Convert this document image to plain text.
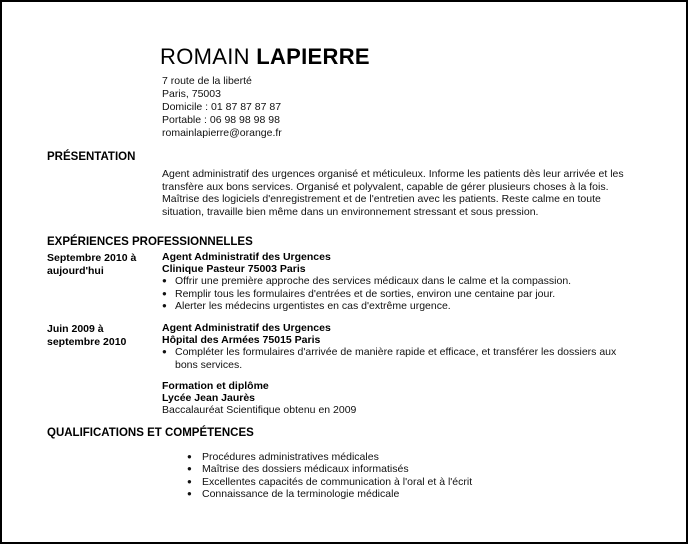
ROMAIN LAPIERRE
7 route de la liberté
Paris, 75003
Domicile : 01 87 87 87 87
Portable : 06 98 98 98 98
romainlapierre@orange.fr
PRÉSENTATION
Agent administratif des urgences organisé et méticuleux. Informe les patients dès leur arrivée et les transfère aux bons services. Organisé et polyvalent, capable de gérer plusieurs choses à la fois. Maîtrise des logiciels d'enregistrement et de l'entretien avec les patients. Reste calme en toute situation, travaille bien même dans un environnement stressant et sous pression.
EXPÉRIENCES PROFESSIONNELLES
Septembre 2010 à
aujourd'hui
Agent Administratif des Urgences
Clinique Pasteur 75003 Paris
● Offrir une première approche des services médicaux dans le calme et la compassion.
● Remplir tous les formulaires d'entrées et de sorties, environ une centaine par jour.
● Alerter les médecins urgentistes en cas d'extrême urgence.
Juin 2009 à
septembre 2010
Agent Administratif des Urgences
Hôpital des Armées 75015 Paris
● Compléter les formulaires d'arrivée de manière rapide et efficace, et transférer les dossiers aux bons services.
Formation et diplôme
Lycée Jean Jaurès
Baccalauréat Scientifique obtenu en 2009
QUALIFICATIONS ET COMPÉTENCES
● Procédures administratives médicales
● Maîtrise des dossiers médicaux informatisés
● Excellentes capacités de communication à l'oral et à l'écrit
● Connaissance de la terminologie médicale
